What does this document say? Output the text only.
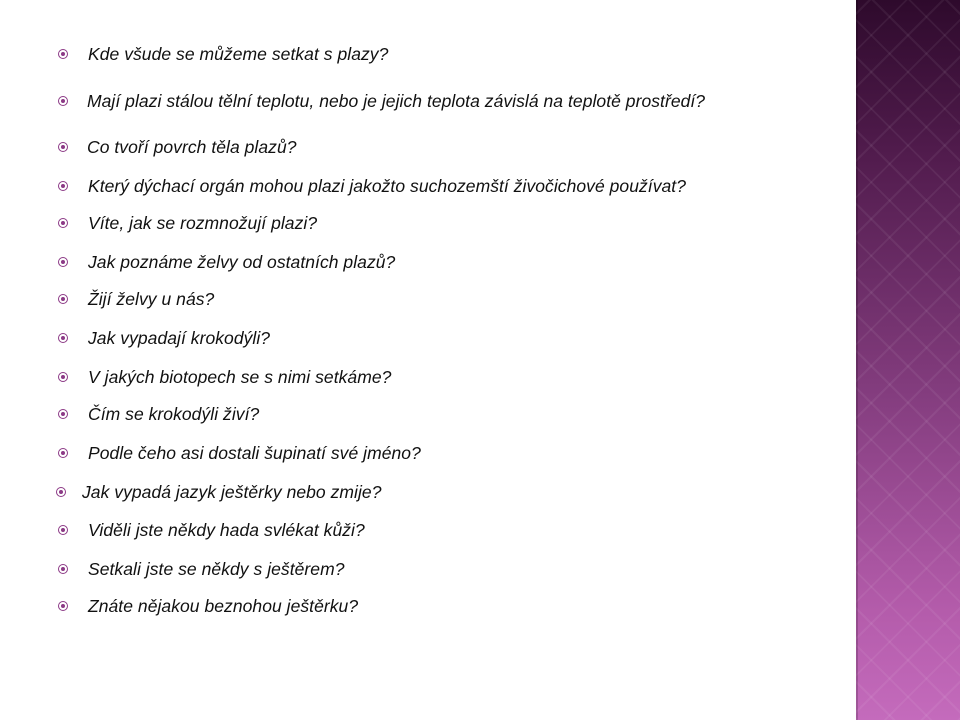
Kde všude se můžeme setkat s plazy?
Mají plazi stálou tělní teplotu, nebo je jejich teplota závislá na teplotě prostředí?
Co tvoří povrch těla plazů?
Který dýchací orgán mohou plazi jakožto suchozemští živočichové používat?
Víte, jak se rozmnožují plazi?
Jak poznáme želvy od ostatních plazů?
Žijí želvy u nás?
Jak vypadají krokodýli?
V jakých biotopech se s nimi setkáme?
Čím se krokodýli živí?
Podle čeho asi dostali šupinatí své jméno?
Jak vypadá jazyk ještěrky nebo zmije?
Viděli jste někdy hada svlékat kůži?
Setkali jste se někdy s ještěrem?
Znáte nějakou beznohou ještěrku?
